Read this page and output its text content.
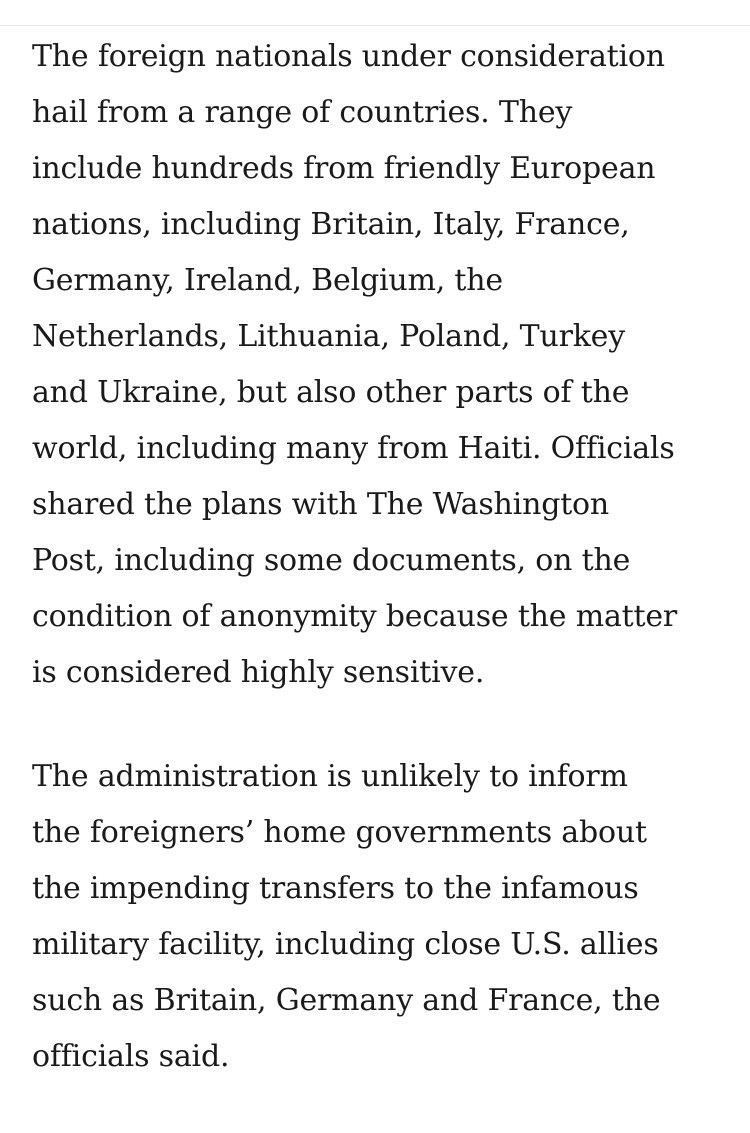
The foreign nationals under consideration
hail from a range of countries. They
include hundreds from friendly European
nations, including Britain, Italy, France,
Germany, Ireland, Belgium, the
Netherlands, Lithuania, Poland, Turkey
and Ukraine, but also other parts of the
world, including many from Haiti. Officials
shared the plans with The Washington
Post, including some documents, on the
condition of anonymity because the matter
is considered highly sensitive.

The administration is unlikely to inform
the foreigners’ home governments about
the impending transfers to the infamous
military facility, including close U.S. allies
such as Britain, Germany and France, the
officials said.
